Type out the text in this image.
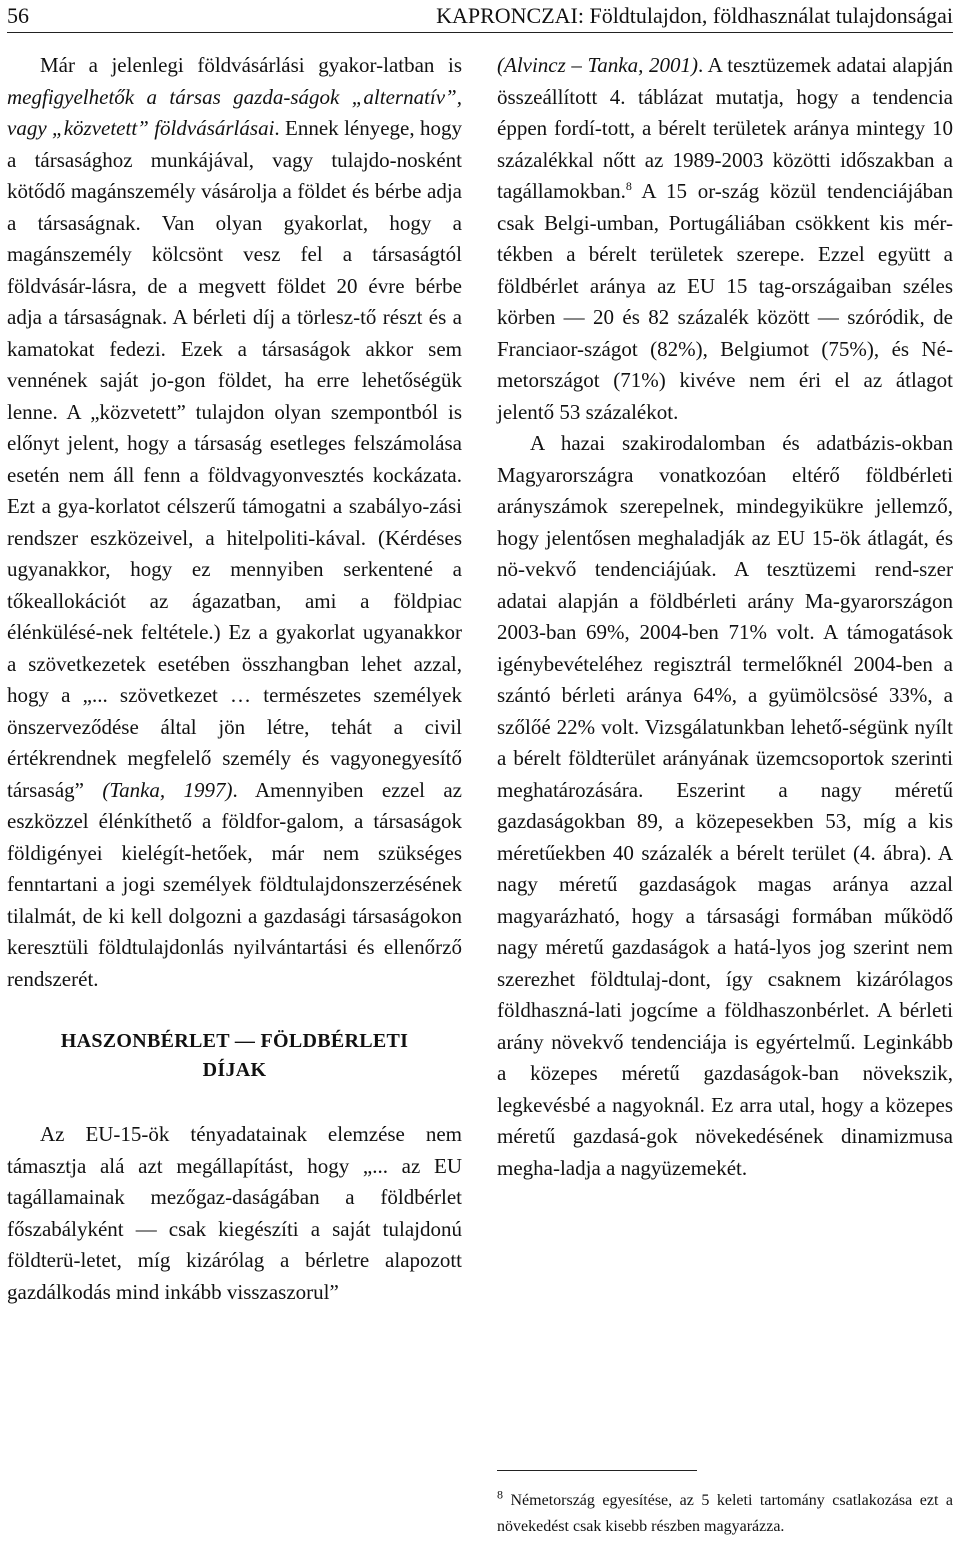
56	KAPRONCZAI: Földtulajdon, földhasználat tulajdonságai

Már a jelenlegi földvásárlási gyakor-latban is megfigyelhetők a társas gazda-ságok „alternatív”, vagy „közvetett” földvásárlásai. Ennek lényege, hogy a társasághoz munkájával, vagy tulajdo-nosként kötődő magánszemély vásárolja a földet és bérbe adja a társaságnak. Van olyan gyakorlat, hogy a magánszemély kölcsönt vesz fel a társaságtól földvásár-lásra, de a megvett földet 20 évre bérbe adja a társaságnak. A bérleti díj a törlesz-tő részt és a kamatokat fedezi. Ezek a társaságok akkor sem vennének saját jo-gon földet, ha erre lehetőségük lenne. A „közvetett” tulajdon olyan szempontból is előnyt jelent, hogy a társaság esetleges felszámolása esetén nem áll fenn a földvagyonvesztés kockázata. Ezt a gya-korlatot célszerű támogatni a szabályo-zási rendszer eszközeivel, a hitelpoliti-kával. (Kérdéses ugyanakkor, hogy ez mennyiben serkentené a tőkeallokációt az ágazatban, ami a földpiac élénkülésé-nek feltétele.) Ez a gyakorlat ugyanakkor a szövetkezetek esetében összhangban lehet azzal, hogy a „... szövetkezet … természetes személyek önszerveződése által jön létre, tehát a civil értékrendnek megfelelő személy és vagyonegyesítő társaság” (Tanka, 1997). Amennyiben ezzel az eszközzel élénkíthető a földfor-galom, a társaságok földigényei kielégít-hetőek, már nem szükséges fenntartani a jogi személyek földtulajdonszerzésének tilalmát, de ki kell dolgozni a gazdasági társaságokon keresztüli földtulajdonlás nyilvántartási és ellenőrző rendszerét.

HASZONBÉRLET — FÖLDBÉRLETI
DÍJAK

Az EU-15-ök tényadatainak elemzése nem támasztja alá azt megállapítást, hogy „... az EU tagállamainak mezőgaz-daságában a földbérlet főszabályként — csak kiegészíti a saját tulajdonú földterü-letet, míg kizárólag a bérletre alapozott gazdálkodás mind inkább visszaszorul”

(Alvincz – Tanka, 2001). A tesztüzemek adatai alapján összeállított 4. táblázat mutatja, hogy a tendencia éppen fordí-tott, a bérelt területek aránya mintegy 10 százalékkal nőtt az 1989-2003 közötti időszakban a tagállamokban.$^8$ A 15 or-szág közül tendenciájában csak Belgi-umban, Portugáliában csökkent kis mér-tékben a bérelt területek szerepe. Ezzel együtt a földbérlet aránya az EU 15 tag-országaiban széles körben — 20 és 82 százalék között — szóródik, de Franciaor-szágot (82%), Belgiumot (75%), és Né-metországot (71%) kivéve nem éri el az átlagot jelentő 53 százalékot.

A hazai szakirodalomban és adatbázis-okban Magyarországra vonatkozóan eltérő földbérleti arányszámok szerepelnek, mindegyikükre jellemző, hogy jelentősen meghaladják az EU 15-ök átlagát, és nö-vekvő tendenciájúak. A tesztüzemi rend-szer adatai alapján a földbérleti arány Ma-gyarországon 2003-ban 69%, 2004-ben 71% volt. A támogatások igénybevételéhez regisztrál termelőknél 2004-ben a szántó bérleti aránya 64%, a gyümölcsösé 33%, a szőlőé 22% volt. Vizsgálatunkban lehető-ségünk nyílt a bérelt földterület arányának üzemcsoportok szerinti meghatározására. Eszerint a nagy méretű gazdaságokban 89, a közepesekben 53, míg a kis méretűekben 40 százalék a bérelt terület (4. ábra). A nagy méretű gazdaságok magas aránya azzal magyarázható, hogy a társasági formában működő nagy méretű gazdaságok a hatá-lyos jog szerint nem szerezhet földtulaj-dont, így csaknem kizárólagos földhaszná-lati jogcíme a földhaszonbérlet. A bérleti arány növekvő tendenciája is egyértelmű. Leginkább a közepes méretű gazdaságok-ban növekszik, legkevésbé a nagyoknál. Ez arra utal, hogy a közepes méretű gazdasá-gok növekedésének dinamizmusa megha-ladja a nagyüzemekét.

$^8$ Németország egyesítése, az 5 keleti tartomány csatlakozása ezt a növekedést csak kisebb részben magyarázza.
